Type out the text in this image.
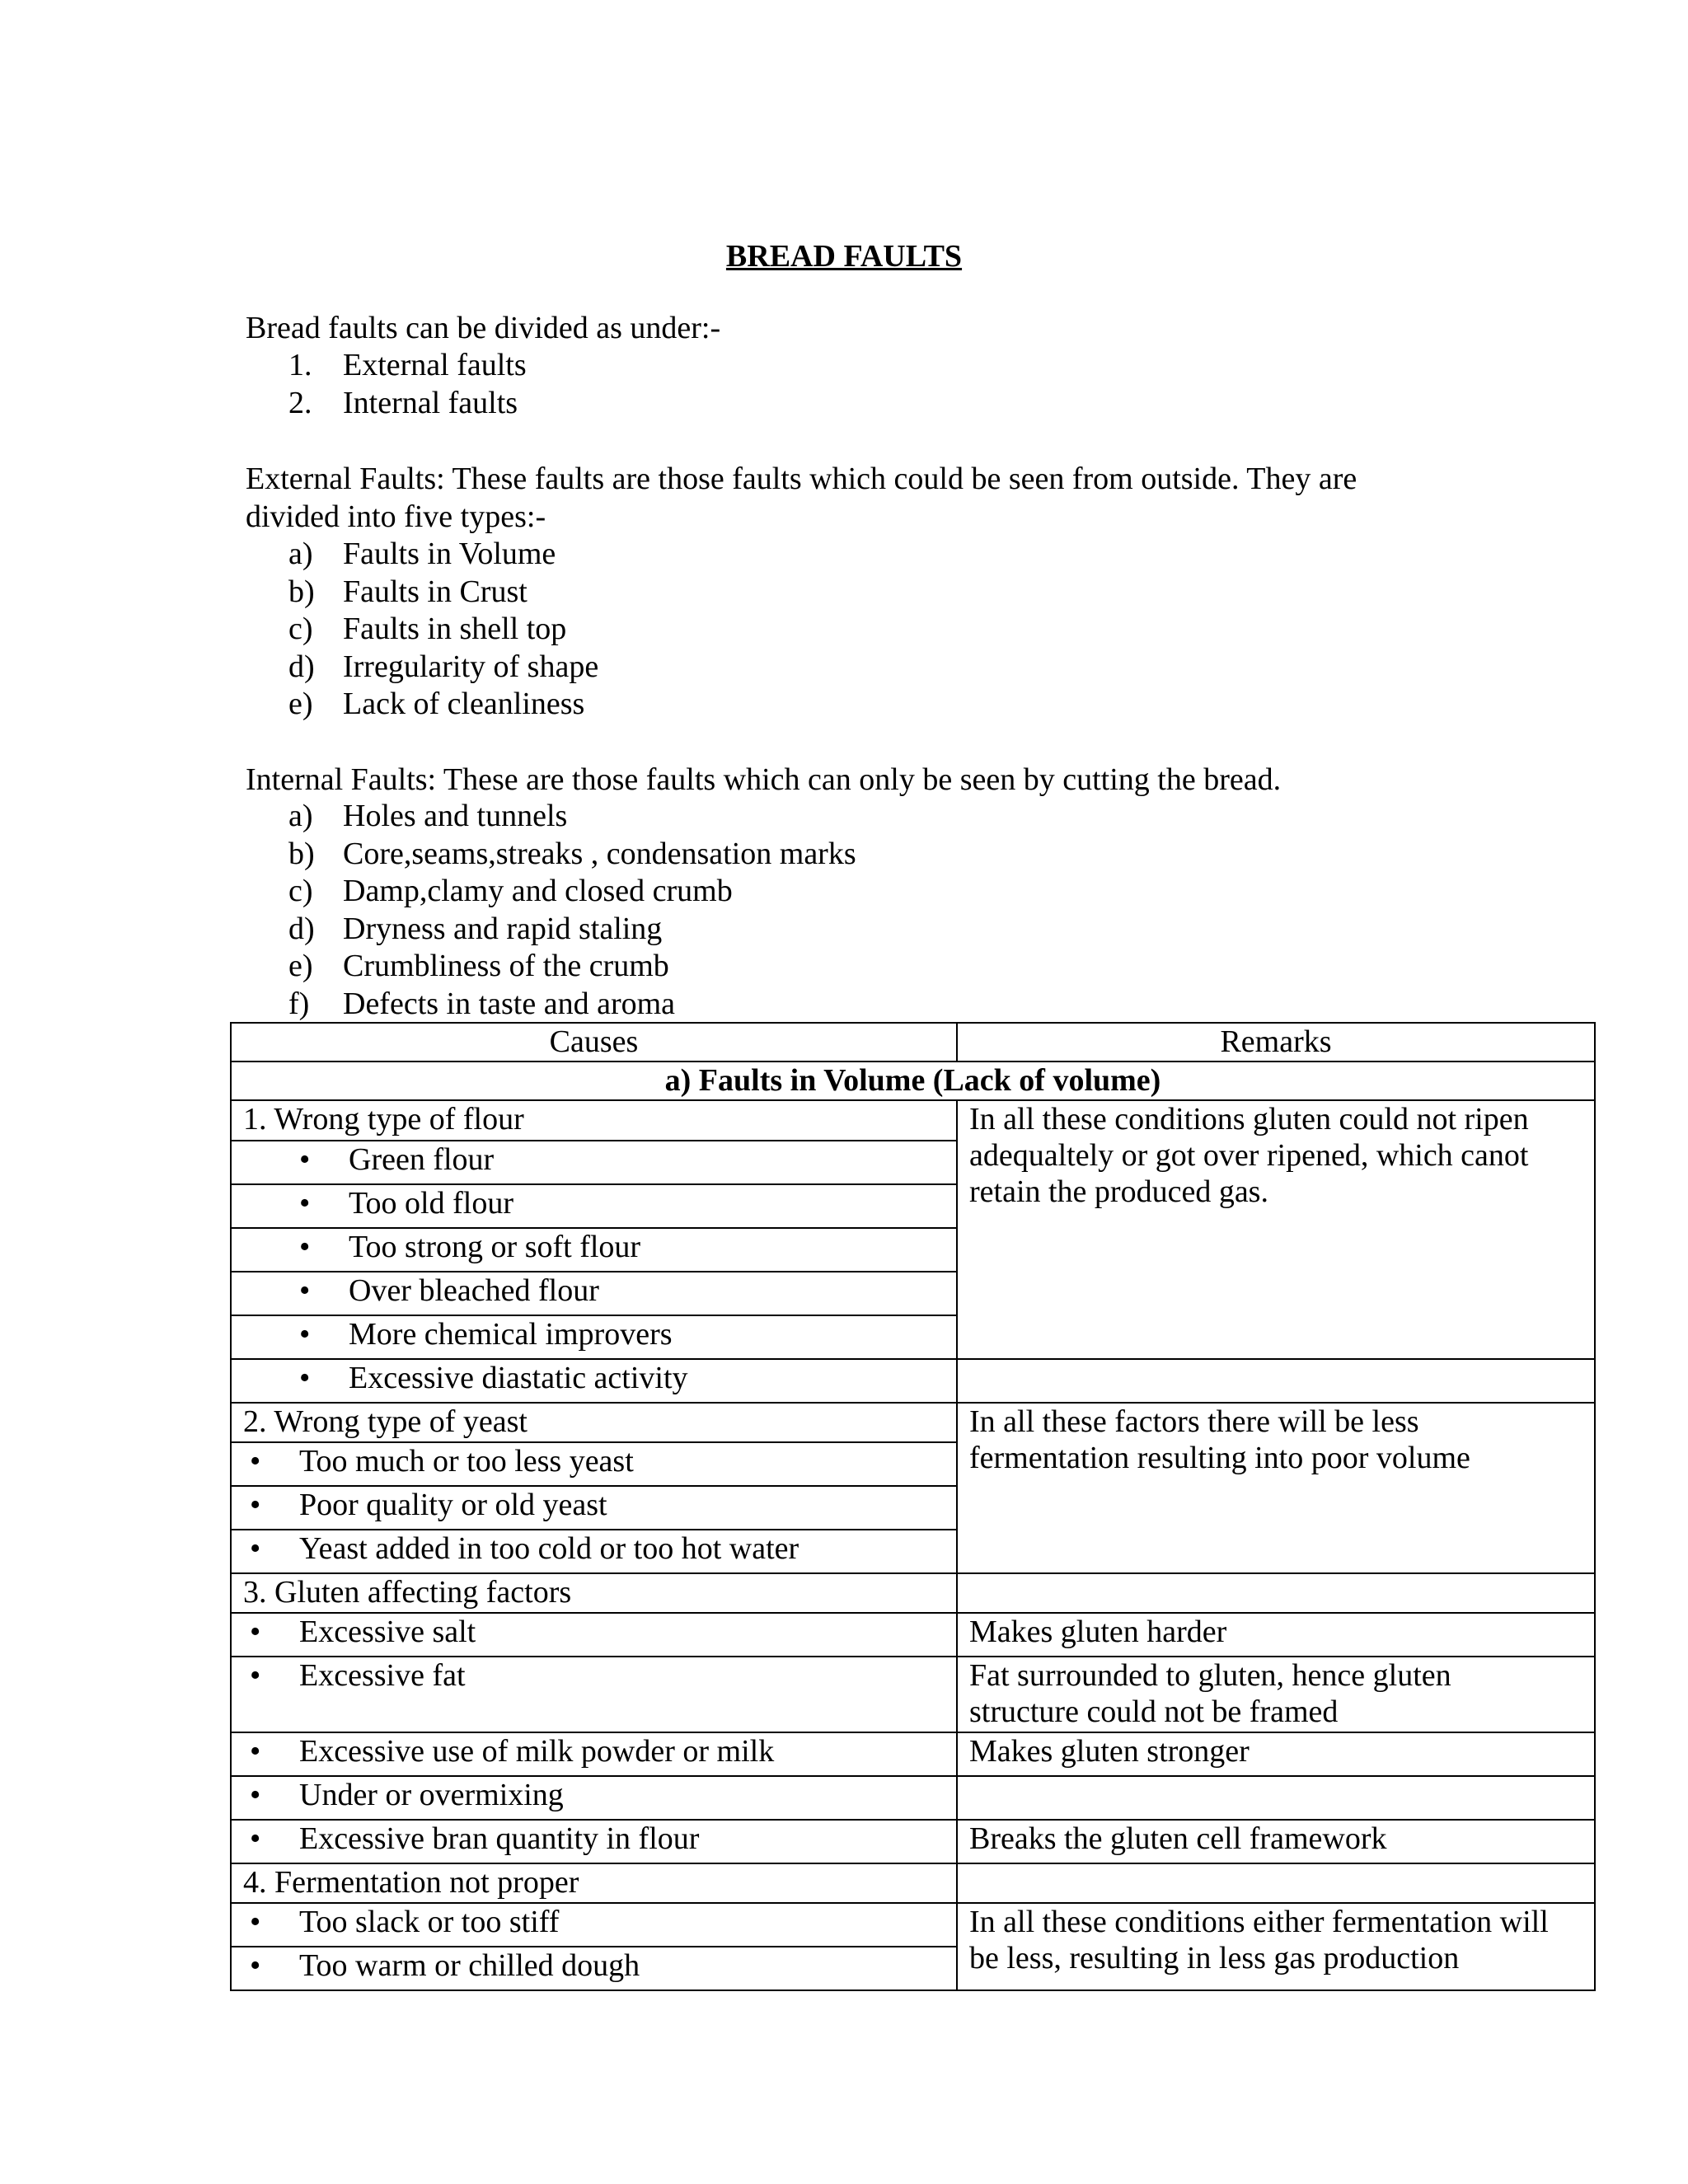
BREAD FAULTS

Bread faults can be divided as under:-

1. External faults
2. Internal faults

External Faults: These faults are those faults which could be seen from outside. They are

divided into five types:-

a) Faults in Volume
b) Faults in Crust
c) Faults in shell top
d) Irregularity of shape
e) Lack of cleanliness

Internal Faults: These are those faults which can only be seen by cutting the bread.

a) Holes and tunnels
b) Core,seams,streaks , condensation marks
c) Damp,clamy and closed crumb
d) Dryness and rapid staling
e) Crumbliness of the crumb
f)	Defects in taste and aroma
Causes	Remarks
a) Faults in Volume (Lack of volume)	
1. Wrong type of flour	In all these conditions gluten could not ripen
adequaltely or got over ripened, which canot
retain the produced gas.

• Green flour
• Too old flour
• Too strong or soft flour
• Over bleached flour
• More chemical improvers
• Excessive diastatic activity	
2. Wrong type of yeast	In all these factors there will be less
fermentation resulting into poor volume

• Too much or too less yeast
• Poor quality or old yeast
• Yeast added in too cold or too hot water
3. Gluten affecting factors	
• Excessive salt	Makes gluten harder
• Excessive fat	Fat surrounded to gluten, hence gluten
structure could not be framed

• Excessive use of milk powder or milk	Makes gluten stronger
• Under or overmixing	
• Excessive bran quantity in flour	Breaks the gluten cell framework
4. Fermentation not proper	
• Too slack or too stiff	In all these conditions either fermentation will
be less, resulting in less gas production

• Too warm or chilled dough
